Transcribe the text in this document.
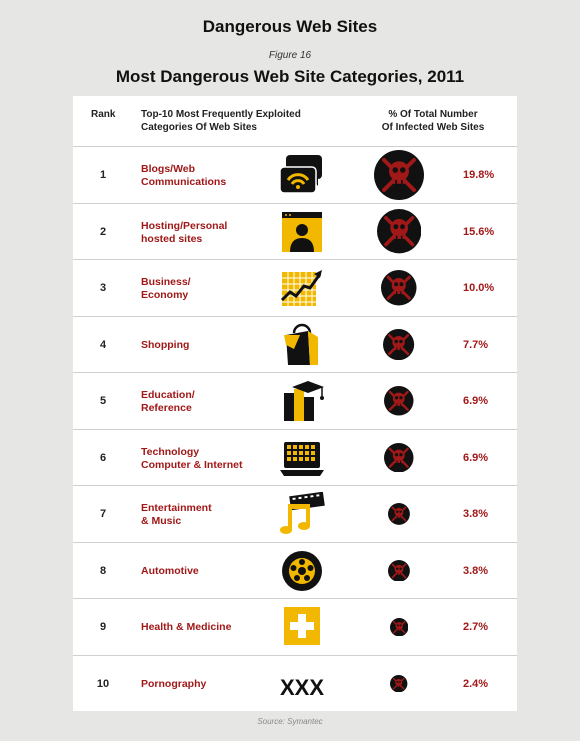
Dangerous Web Sites
Figure 16
Most Dangerous Web Site Categories, 2011
Rank	Top-10 Most Frequently Exploited
Categories Of Web Sites
% Of Total Number
Of Infected Web Sites
1	Blogs/Web
Communications
19.8%
2	Hosting/Personal
hosted sites
15.6%
3	Business/
Economy
10.0%
4	Shopping	7.7%
5	Education/
Reference
6.9%
6	Technology
Computer & Internet
6.9%
7	Entertainment
& Music
3.8%
8	Automotive	3.8%
9	Health & Medicine	2.7%
10	Pornography	XXX	2.4%
Source: Symantec
